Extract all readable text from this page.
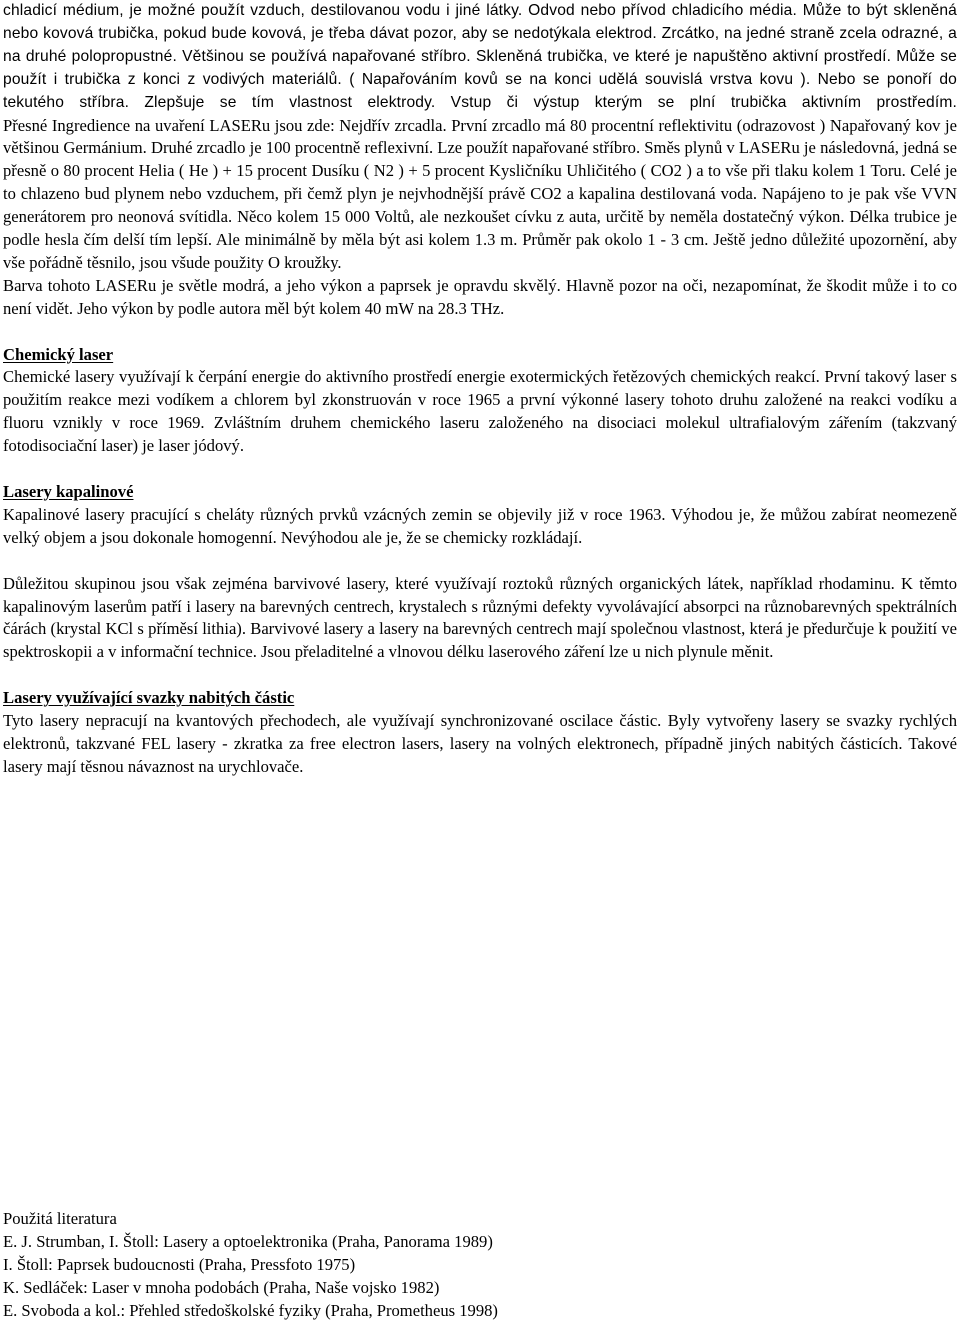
chladicí médium, je možné použít vzduch, destilovanou vodu i jiné látky. Odvod nebo přívod chladicího média. Může to být skleněná nebo kovová trubička, pokud bude kovová, je třeba dávat pozor, aby se nedotýkala elektrod. Zrcátko, na jedné straně zcela odrazné, a na druhé polopropustné. Většinou se používá napařované stříbro. Skleněná trubička, ve které je napuštěno aktivní prostředí. Může se použít i trubička z konci z vodivých materiálů. ( Napařováním kovů se na konci udělá souvislá vrstva kovu ). Nebo se ponoří do tekutého stříbra. Zlepšuje se tím vlastnost elektrody. Vstup či výstup kterým se plní trubička aktivním prostředím.

Přesné Ingredience na uvaření LASERu jsou zde: Nejdřív zrcadla. První zrcadlo má 80 procentní reflektivitu (odrazovost ) Napařovaný kov je většinou Germánium. Druhé zrcadlo je 100 procentně reflexivní. Lze použít napařované stříbro. Směs plynů v LASERu je následovná, jedná se přesně o 80 procent Helia ( He ) + 15 procent Dusíku ( N2 ) + 5 procent Kysličníku Uhličitého ( CO2 ) a to vše při tlaku kolem 1 Toru. Celé je to chlazeno bud plynem nebo vzduchem, při čemž plyn je nejvhodnější právě CO2 a kapalina destilovaná voda. Napájeno to je pak vše VVN generátorem pro neonová svítidla. Něco kolem 15 000 Voltů, ale nezkoušet cívku z auta, určitě by neměla dostatečný výkon. Délka trubice je podle hesla čím delší tím lepší. Ale minimálně by měla být asi kolem 1.3 m. Průměr pak okolo 1 - 3 cm. Ještě jedno důležité upozornění, aby vše pořádně těsnilo, jsou všude použity O kroužky.

Barva tohoto LASERu je světle modrá, a jeho výkon a paprsek je opravdu skvělý. Hlavně pozor na oči, nezapomínat, že škodit může i to co není vidět. Jeho výkon by podle autora měl být kolem 40 mW na 28.3 THz.

Chemický laser

Chemické lasery využívají k čerpání energie do aktivního prostředí energie exotermických řetězových chemických reakcí. První takový laser s použitím reakce mezi vodíkem a chlorem byl zkonstruován v roce 1965 a první výkonné lasery tohoto druhu založené na reakci vodíku a fluoru vznikly v roce 1969. Zvláštním druhem chemického laseru založeného na disociaci molekul ultrafialovým zářením (takzvaný fotodisociační laser) je laser jódový.

Lasery kapalinové

Kapalinové lasery pracující s cheláty různých prvků vzácných zemin se objevily již v roce 1963. Výhodou je, že můžou zabírat neomezeně velký objem a jsou dokonale homogenní. Nevýhodou ale je, že se chemicky rozkládají.

Důležitou skupinou jsou však zejména barvivové lasery, které využívají roztoků různých organických látek, například rhodaminu. K těmto kapalinovým laserům patří i lasery na barevných centrech, krystalech s různými defekty vyvolávající absorpci na různobarevných spektrálních čárách (krystal KCl s příměsí lithia). Barvivové lasery a lasery na barevných centrech mají společnou vlastnost, která je předurčuje k použití ve spektroskopii a v informační technice. Jsou přeladitelné a vlnovou délku laserového záření lze u nich plynule měnit.

Lasery využívající svazky nabitých částic

Tyto lasery nepracují na kvantových přechodech, ale využívají synchronizované oscilace částic. Byly vytvořeny lasery se svazky rychlých elektronů, takzvané FEL lasery - zkratka za free electron lasers, lasery na volných elektronech, případně jiných nabitých částicích. Takové lasery mají těsnou návaznost na urychlovače.

Použitá literatura

E. J. Strumban, I. Štoll: Lasery a optoelektronika (Praha, Panorama 1989)

I. Štoll: Paprsek budoucnosti (Praha, Pressfoto 1975)

K. Sedláček: Laser v mnoha podobách (Praha, Naše vojsko 1982)

E. Svoboda a kol.: Přehled středoškolské fyziky (Praha, Prometheus 1998)
